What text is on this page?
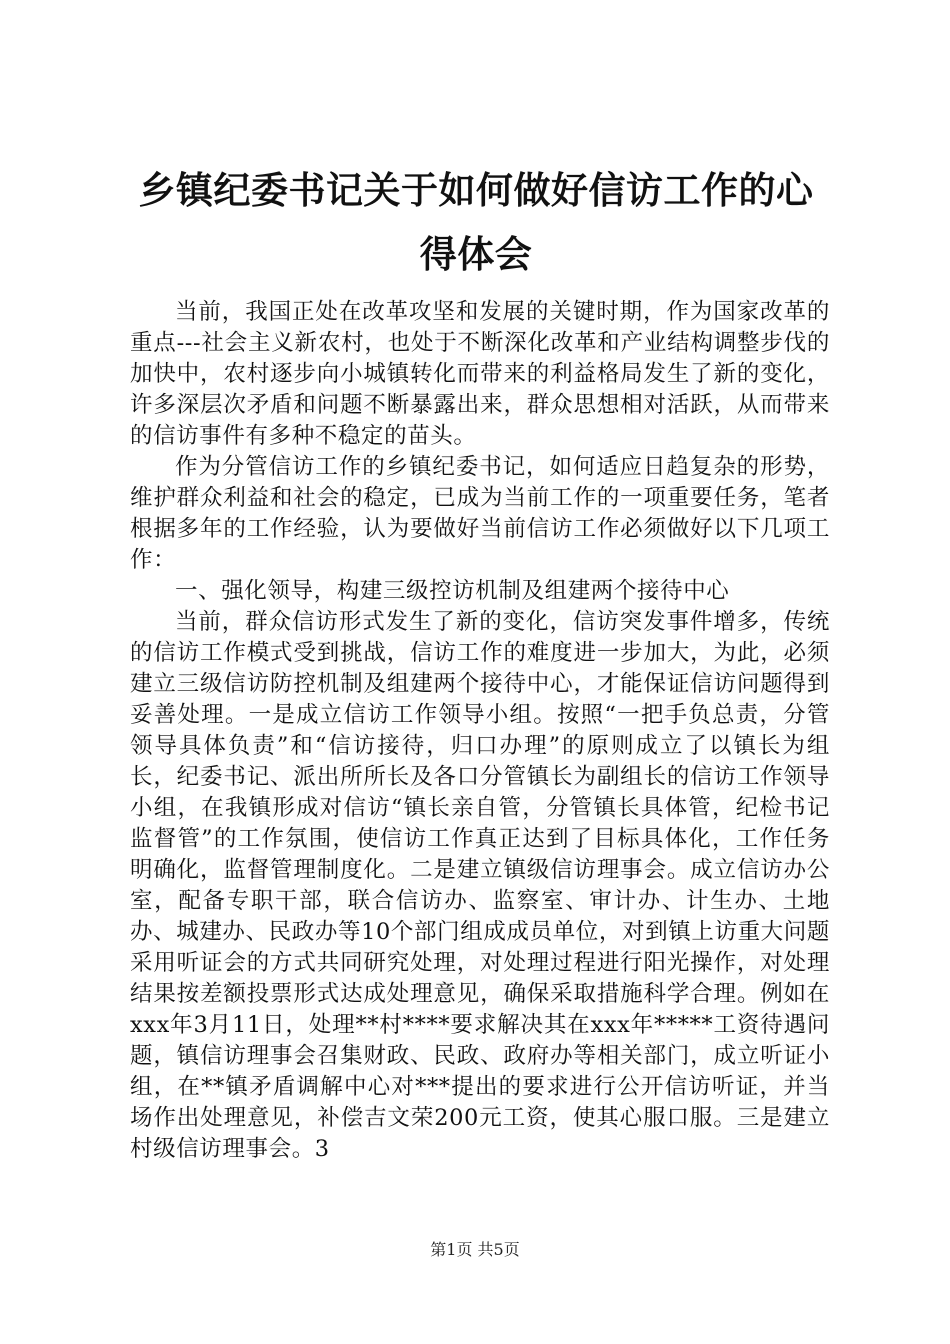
乡镇纪委书记关于如何做好信访工作的心得体会

当前，我国正处在改革攻坚和发展的关键时期，作为国家改革的重点---社会主义新农村，也处于不断深化改革和产业结构调整步伐的加快中，农村逐步向小城镇转化而带来的利益格局发生了新的变化，许多深层次矛盾和问题不断暴露出来，群众思想相对活跃，从而带来的信访事件有多种不稳定的苗头。

作为分管信访工作的乡镇纪委书记，如何适应日趋复杂的形势，维护群众利益和社会的稳定，已成为当前工作的一项重要任务，笔者根据多年的工作经验，认为要做好当前信访工作必须做好以下几项工作：

一、强化领导，构建三级控访机制及组建两个接待中心

当前，群众信访形式发生了新的变化，信访突发事件增多，传统的信访工作模式受到挑战，信访工作的难度进一步加大，为此，必须建立三级信访防控机制及组建两个接待中心，才能保证信访问题得到妥善处理。一是成立信访工作领导小组。按照“一把手负总责，分管领导具体负责”和“信访接待，归口办理”的原则成立了以镇长为组长，纪委书记、派出所所长及各口分管镇长为副组长的信访工作领导小组，在我镇形成对信访“镇长亲自管，分管镇长具体管，纪检书记监督管”的工作氛围，使信访工作真正达到了目标具体化，工作任务明确化，监督管理制度化。二是建立镇级信访理事会。成立信访办公室，配备专职干部，联合信访办、监察室、审计办、计生办、土地办、城建办、民政办等10个部门组成成员单位，对到镇上访重大问题采用听证会的方式共同研究处理，对处理过程进行阳光操作，对处理结果按差额投票形式达成处理意见，确保采取措施科学合理。例如在xxx年3月11日，处理**村****要求解决其在xxx年*****工资待遇问题，镇信访理事会召集财政、民政、政府办等相关部门，成立听证小组，在**镇矛盾调解中心对***提出的要求进行公开信访听证，并当场作出处理意见，补偿吉文荣200元工资，使其心服口服。三是建立村级信访理事会。3

第1页 共5页
